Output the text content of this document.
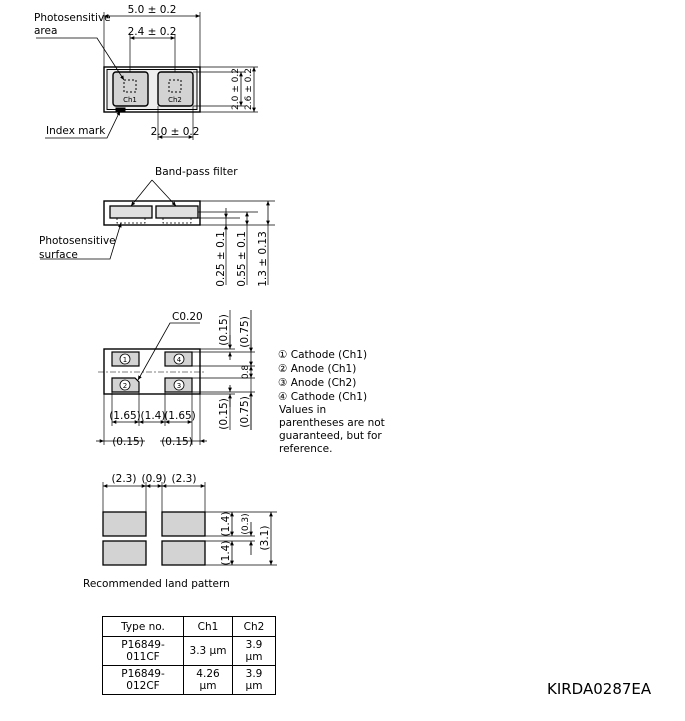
5.0 ± 0.2
2.4 ± 0.2
Photosensitive
area
Ch1	Ch2
Index mark	2.0 ± 0.2
2.0 ± 0.2 2.6 ± 0.2
Band-pass filter
Photosensitive
surface	0.25 ± 0.1 0.55 ± 0.1 1.3 ± 0.13
C0.20
1	4
2	3
(0.15) (0.75)
0.8
(0.15) (0.75)
(1.65) (1.4)
(1.65)
(0.15) (0.15)
① Cathode (Ch1)
② Anode (Ch1)
③ Anode (Ch2)
④ Cathode (Ch1)
Values in
parentheses are not
guaranteed, but for
reference.
(2.3) (0.9) (2.3)
(1.4) (0.3)
(1.4)
(3.1)
Recommended land pattern
Type no.	Ch1	Ch2
P16849-011CF	3.3 μm	3.9 μm
P16849-012CF	4.26 μm	3.9 μm	KIRDA0287EA
